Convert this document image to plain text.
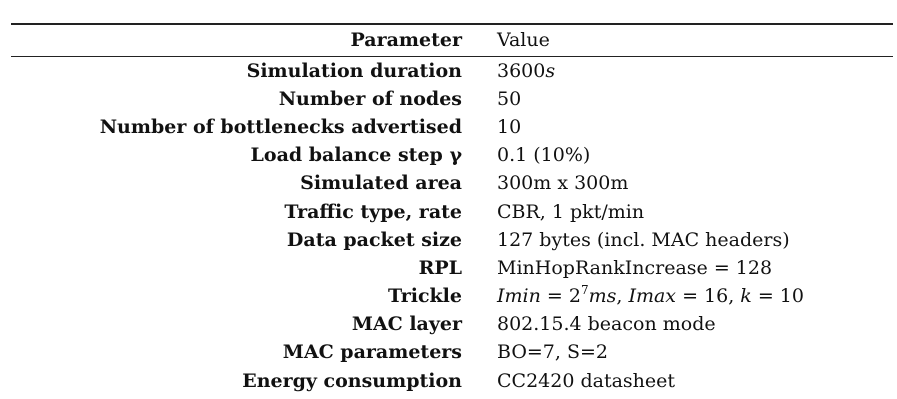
Parameter	Value
Simulation duration	3600s
Number of nodes	50
Number of bottlenecks advertised	10
Load balance step γ	0.1 (10%)
Simulated area	300m x 300m
Traffic type, rate	CBR, 1 pkt/min
Data packet size	127 bytes (incl. MAC headers)
RPL	MinHopRankIncrease = 128
Trickle	$Imin = 2^7ms$, Imax = 16, k = 10
MAC layer	802.15.4 beacon mode
MAC parameters	BO=7, S=2
Energy consumption	CC2420 datasheet
